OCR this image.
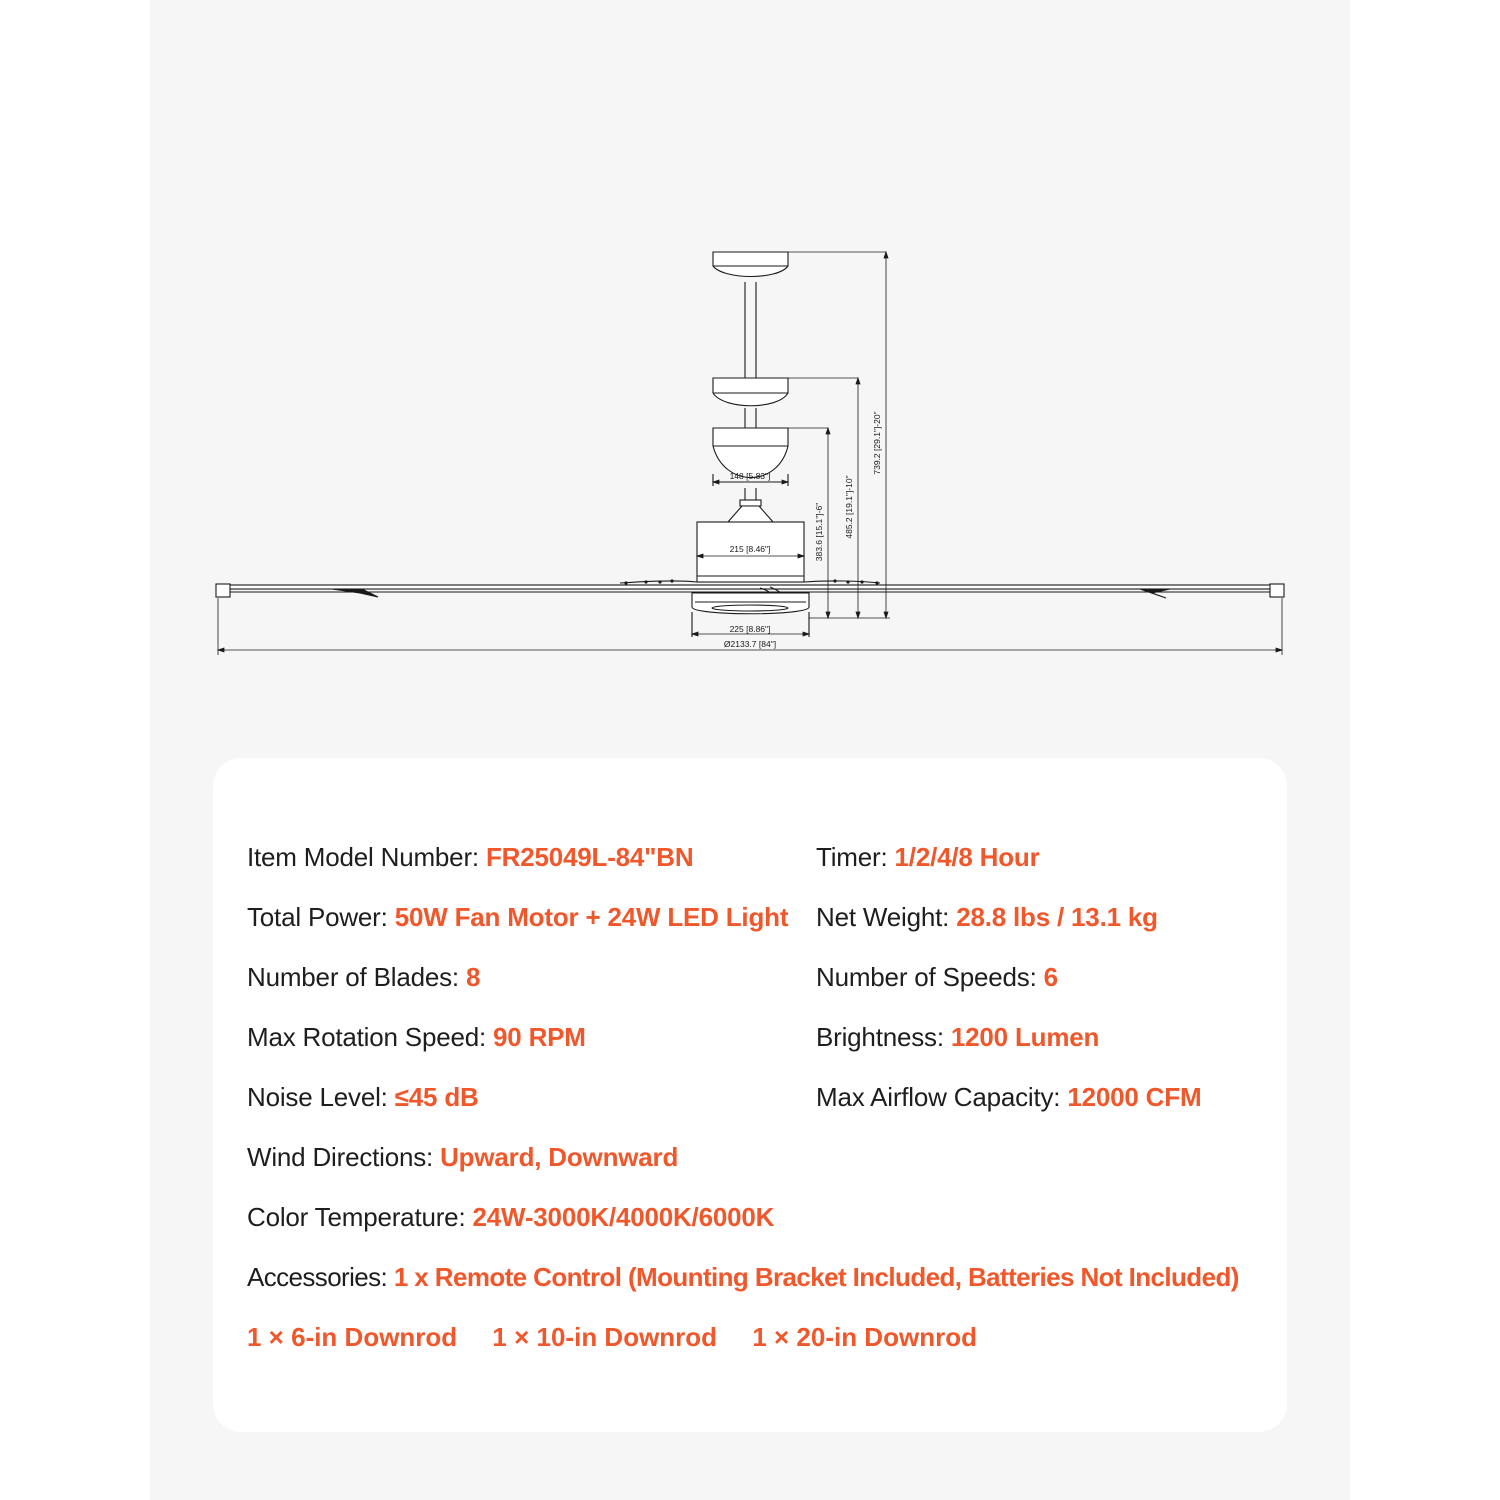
148 [5.83"]
215 [8.46"]
225 [8.86"]
Ø2133.7 [84"]
739.2 [29.1"]-20"
485.2 [19.1"]-10"
383.6 [15.1"]-6"
Item Model Number: FR25049L-84"BN
Total Power: 50W Fan Motor + 24W LED Light
Number of Blades: 8
Max Rotation Speed: 90 RPM
Noise Level: ≤45 dB
Timer: 1/2/4/8 Hour
Net Weight: 28.8 lbs / 13.1 kg
Number of Speeds: 6
Brightness: 1200 Lumen
Max Airflow Capacity: 12000 CFM
Wind Directions: Upward, Downward
Color Temperature: 24W-3000K/4000K/6000K
Accessories: 1 x Remote Control (Mounting Bracket Included, Batteries Not Included)
1 × 6-in Downrod 1 × 10-in Downrod 1 × 20-in Downrod
